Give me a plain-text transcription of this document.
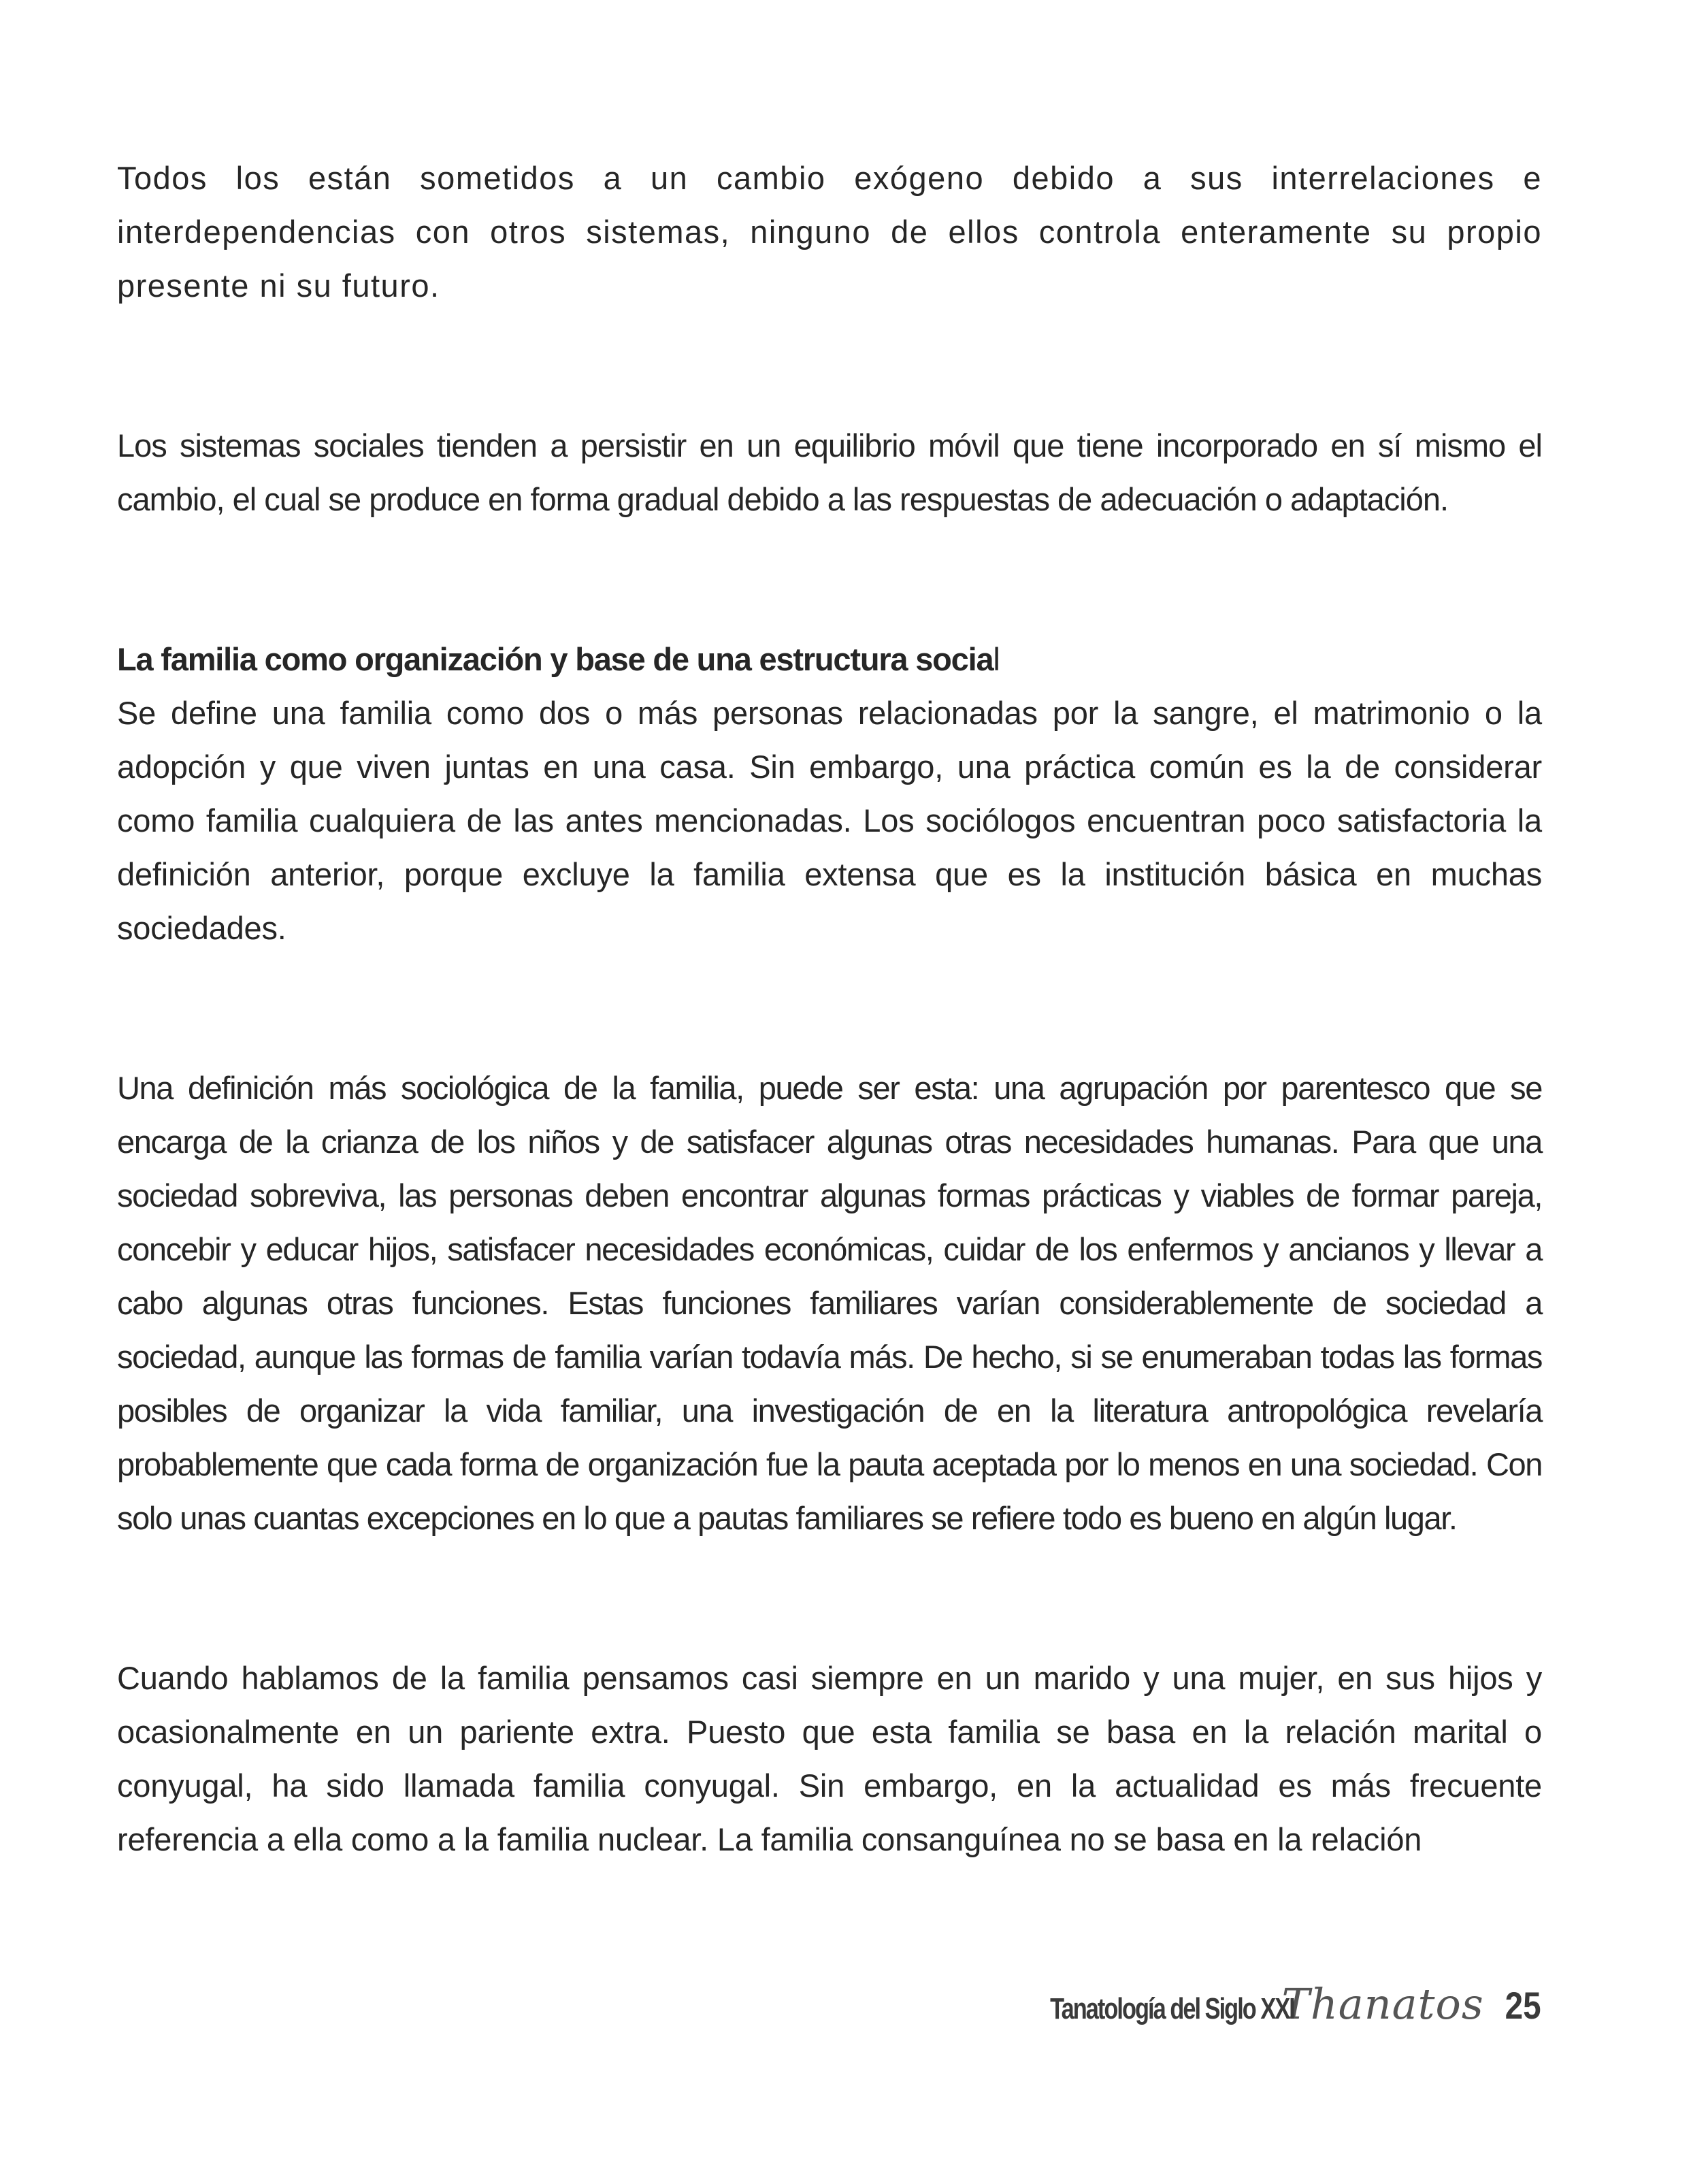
Todos los están sometidos a un cambio exógeno debido a sus interrelaciones e interdependencias con otros sistemas, ninguno de ellos controla enteramente su propio presente ni su futuro.

Los sistemas sociales tienden a persistir en un equilibrio móvil que tiene incorporado en sí mismo el cambio, el cual se produce en forma gradual debido a las respuestas de adecuación o adaptación.

La familia como organización y base de una estructura social

Se define una familia como dos o más personas relacionadas por la sangre, el matrimonio o la adopción y que viven juntas en una casa. Sin embargo, una práctica común es la de considerar como familia cualquiera de las antes mencionadas. Los sociólogos encuentran poco satisfactoria la definición anterior, porque excluye la familia extensa que es la institución básica en muchas sociedades.

Una definición más sociológica de la familia, puede ser esta: una agrupación por parentesco que se encarga de la crianza de los niños y de satisfacer algunas otras necesidades humanas. Para que una sociedad sobreviva, las personas deben encontrar algunas formas prácticas y viables de formar pareja, concebir y educar hijos, satisfacer necesidades económicas, cuidar de los enfermos y ancianos y llevar a cabo algunas otras funciones. Estas funciones familiares varían considerablemente de sociedad a sociedad, aunque las formas de familia varían todavía más. De hecho, si se enumeraban todas las formas posibles de organizar la vida familiar, una investigación de en la literatura antropológica revelaría probablemente que cada forma de organización fue la pauta aceptada por lo menos en una sociedad. Con solo unas cuantas excepciones en lo que a pautas familiares se refiere todo es bueno en algún lugar.

Cuando hablamos de la familia pensamos casi siempre en un marido y una mujer, en sus hijos y ocasionalmente en un pariente extra. Puesto que esta familia se basa en la relación marital o conyugal, ha sido llamada familia conyugal. Sin embargo, en la actualidad es más frecuente referencia a ella como a la familia nuclear. La familia consanguínea no se basa en la relación

Tanatología del Siglo XXI
Thanatos 25
